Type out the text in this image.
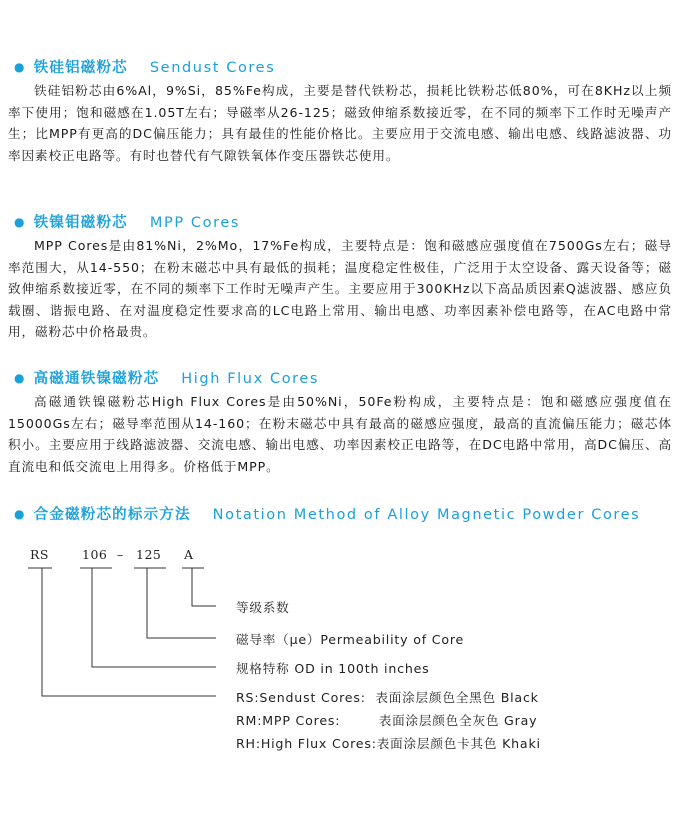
● 铁硅铝磁粉芯 Sendust Cores

铁硅铝粉芯由6%Al，9%Si，85%Fe构成，主要是替代铁粉芯，损耗比铁粉芯低80%，可在8KHz以上频率下使用；饱和磁感在1.05T左右；导磁率从26-125；磁致伸缩系数接近零，在不同的频率下工作时无噪声产生；比MPP有更高的DC偏压能力；具有最佳的性能价格比。主要应用于交流电感、输出电感、线路滤波器、功率因素校正电路等。有时也替代有气隙铁氧体作变压器铁芯使用。

● 铁镍钼磁粉芯 MPP Cores

MPP Cores是由81%Ni，2%Mo，17%Fe构成，主要特点是：饱和磁感应强度值在7500Gs左右；磁导率范围大，从14-550；在粉末磁芯中具有最低的损耗；温度稳定性极佳，广泛用于太空设备、露天设备等；磁致伸缩系数接近零，在不同的频率下工作时无噪声产生。主要应用于300KHz以下高品质因素Q滤波器、感应负载圈、谐振电路、在对温度稳定性要求高的LC电路上常用、输出电感、功率因素补偿电路等，在AC电路中常用，磁粉芯中价格最贵。

● 高磁通铁镍磁粉芯 High Flux Cores

高磁通铁镍磁粉芯High Flux Cores是由50%Ni，50Fe粉构成，主要特点是：饱和磁感应强度值在15000Gs左右；磁导率范围从14-160；在粉末磁芯中具有最高的磁感应强度，最高的直流偏压能力；磁芯体积小。主要应用于线路滤波器、交流电感、输出电感、功率因素校正电路等，在DC电路中常用，高DC偏压、高直流电和低交流电上用得多。价格低于MPP。

● 合金磁粉芯的标示方法 Notation Method of Alloy Magnetic Powder Cores
RS	106 – 125 A
等级系数
磁导率（μe）Permeability of Core
规格特称 OD in 100th inches
RS:Sendust Cores:  表面涂层颜色全黑色 Black
RM:MPP Cores:        表面涂层颜色全灰色 Gray
RH:High Flux Cores:表面涂层颜色卡其色 Khaki
